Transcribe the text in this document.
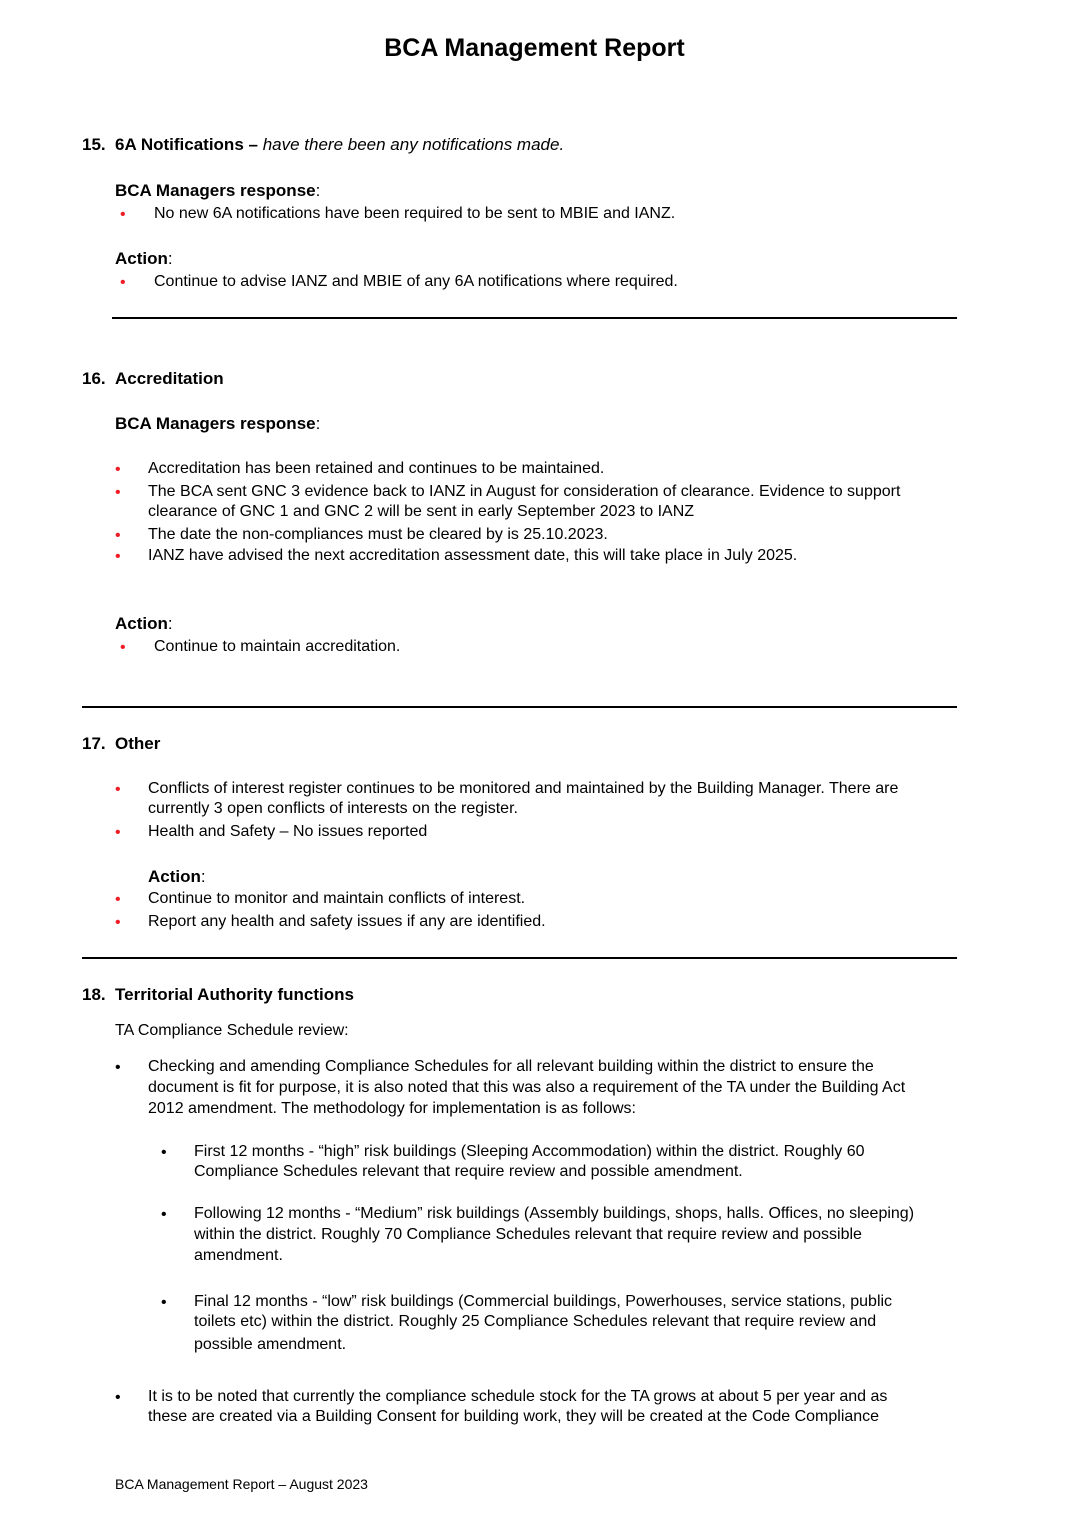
BCA Management Report
15. 6A Notifications – have there been any notifications made.
BCA Managers response:
• No new 6A notifications have been required to be sent to MBIE and IANZ.
Action:
• Continue to advise IANZ and MBIE of any 6A notifications where required.
16. Accreditation
BCA Managers response:
• Accreditation has been retained and continues to be maintained.
• The BCA sent GNC 3 evidence back to IANZ in August for consideration of clearance. Evidence to support
clearance of GNC 1 and GNC 2 will be sent in early September 2023 to IANZ
• The date the non-compliances must be cleared by is 25.10.2023.
• IANZ have advised the next accreditation assessment date, this will take place in July 2025.
Action:
• Continue to maintain accreditation.
17. Other
• Conflicts of interest register continues to be monitored and maintained by the Building Manager. There are
currently 3 open conflicts of interests on the register.
• Health and Safety – No issues reported
Action:
• Continue to monitor and maintain conflicts of interest.
• Report any health and safety issues if any are identified.
18. Territorial Authority functions
TA Compliance Schedule review:
• Checking and amending Compliance Schedules for all relevant building within the district to ensure the
document is fit for purpose, it is also noted that this was also a requirement of the TA under the Building Act
2012 amendment. The methodology for implementation is as follows:
• First 12 months - “high” risk buildings (Sleeping Accommodation) within the district. Roughly 60
Compliance Schedules relevant that require review and possible amendment.
• Following 12 months - “Medium” risk buildings (Assembly buildings, shops, halls. Offices, no sleeping)
within the district. Roughly 70 Compliance Schedules relevant that require review and possible
amendment.
• Final 12 months - “low” risk buildings (Commercial buildings, Powerhouses, service stations, public
toilets etc) within the district. Roughly 25 Compliance Schedules relevant that require review and
possible amendment.
• It is to be noted that currently the compliance schedule stock for the TA grows at about 5 per year and as
these are created via a Building Consent for building work, they will be created at the Code Compliance
BCA Management Report – August 2023
